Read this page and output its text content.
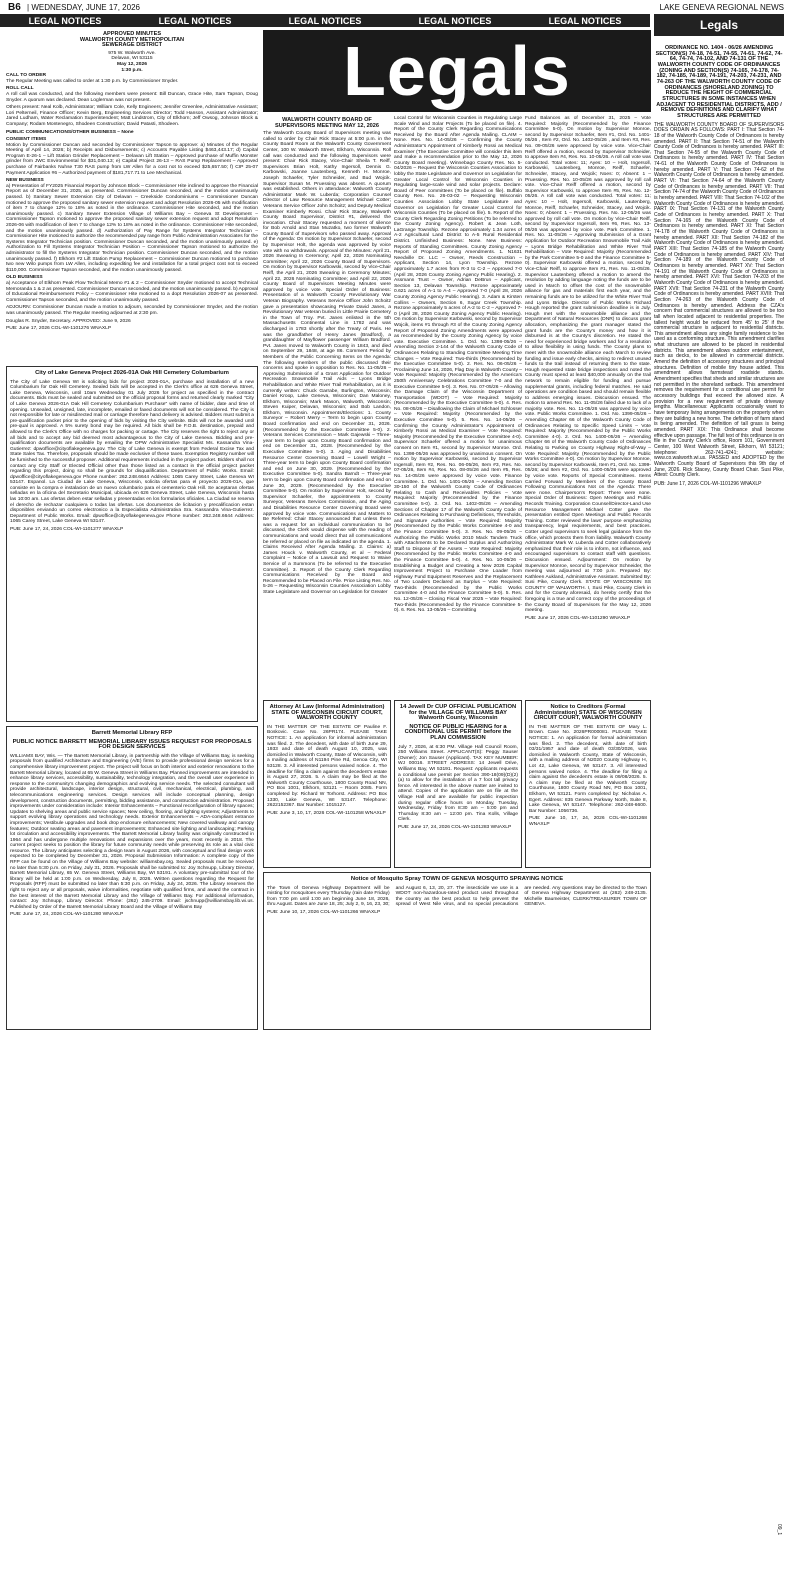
B6 | WEDNESDAY, JUNE 17, 2026	LAKE GENEVA REGIONAL NEWS
LEGAL NOTICES	LEGAL NOTICES	LEGAL NOTICES	LEGAL NOTICES	LEGAL NOTICES	Legals
APPROVED MINUTES
WALWORTH COUNTY METROPOLITAN
SEWERAGE DISTRICT
975 W. Walworth Ave.
Delavan, WI 53115
May 12, 2026
1:30 p.m.

CALL TO ORDER
The Regular Meeting was called to order at 1:30 p.m. by Commissioner Snyder.

ROLL CALL
A roll call was conducted, and the following members were present: Bill Duncan, Grace Hite, Sam Tapson, Doug Snyder. A quorum was declared. Dean Loglerman was not present.

Others present: Neal Kolb, Administrator; William Cole, Kelly Engineers; Jennifer Greenlee, Administrative Assistant; Lori Pelterneil, Finance Officer; Kevin Berg, Engineering Services Director; Todd Hanson, Assistant Administrator; Jared Ludham, Water Reclamation Superintendent; Matt Lindstrom, City of Elkhorn; Jeff Owsog, Johnson Block & Company; Rodam Montenegro, Shodeen Construction; David Patasti, Shodeen.

PUBLIC COMMUNICATIONS/OTHER BUSINESS – None

CONSENT ITEMS
Motion by Commissioner Duncan and seconded by Commissioner Tapson to approve: a) Minutes of the Regular Meeting of April 14, 2026; b) Receipts and Disbursements; c) Accounts Payable Listing $463,443.17; d) Capital Program E-26-1 – Lift Station Grinder Replacement – Delavan Lift Station – Approved purchase of Muffin Monster grinder from JWC Environmental for $31,040.13; e) Capital Project 26-13 – RAS Pump Replacement – Approved purchase of Fairbanks Nuhse T30 RAS pump from LW Allen for a cost not to exceed $25,657.50; f) CIP 25-07 Payment Application #6 – Authorized payment of $181,717.71 to Lee Mechanical.

NEW BUSINESS
a) Presentation of FY2025 Financial Report by Johnson Block – Commissioner Hite inclined to approve the Financial Report as of December 31, 2025, as presented. Commissioner Duncan seconded, and the motion unanimously passed. b) Sanitary Sewer Extension City of Delavan – Creekside Condominiums – Commissioner Duncan motioned to approve the proposed sanitary sewer extension request and adopt Resolution 2026-05 with modification of item 7 to change 12% to 18% as noted in the ordinance. Commissioner Hite seconded, and the motion unanimously passed. c) Sanitary Sewer Extension Village of Williams Bay – Geneva St Development – Commissioner Tapson motioned to approve the proposed sanitary sewer extension request and adopt Resolution 2026-06 with modification of item 7 to change 12% to 18% as noted in the ordinance. Commissioner Hite seconded, and the motion unanimously passed. d) Authorization of Pay Range for Systems Integrator Technician – Commissioner Hite motioned to authorize the recommended pay range from Public Administration Associates for the Systems Integrator Technician position. Commissioner Duncan seconded, and the motion unanimously passed. e) Authorization to Fill Systems Integrator Technician Position – Commissioner Tapson motioned to authorize the administrator to fill the Systems Integrator Technician position. Commissioner Duncan seconded, and the motion unanimously passed. f) Elkhorn #2 Lift Station Pump Replacement – Commissioner Duncan motioned to purchase two new Wilo pumps from LW Allen, including expediting fee and installation for a total project cost not to exceed $110,000. Commissioner Tapson seconded, and the motion unanimously passed.

OLD BUSINESS
a) Acceptance of Elkhorn Peak Flow Technical Memo #1 & 2 – Commissioner Snyder motioned to accept Technical Memoranda 1 & 2 as presented. Commissioner Duncan seconded, and the motion unanimously passed. b) Approval of Educational Reimbursement Policy – Commissioner Hite motioned to a dopt Resolution 2026-07 as presented. Commissioner Tapson seconded, and the motion unanimously passed.

ADJOURN: Commissioner Duncan made a motion to adjourn, seconded by Commissioner Snyder, and the motion was unanimously passed. The Regular meeting adjourned at 2:30 pm.

Douglas R. Snyder, Secretary. APPROVED: June 9, 2026

PUB: June 17, 2026 COL-WI-1101276 WNAXLP

City of Lake Geneva Project 2026-01A Oak Hill Cemetery Columbarium

The City of Lake Geneva WI is soliciting bids for project 2026-01A, purchase and installation of a new Columbarium for Oak Hill Cemetery. Sealed bids will be accepted in the Clerk's office at 626 Geneva Street, Lake Geneva, Wisconsin, until 10am Wednesday 01 July 2026 for project as specified in the contract documents. Bids must be sealed and submitted on the official proposal forms and returned clearly marked "City of Lake Geneva 2026-01A Oak Hill Cemetery Columbarium Purchase" with name of bidder, date and time of opening. Unsealed, unsigned, late, incomplete, emailed or faxed documents will not be considered. The City is not responsible for late or misdirected mail or carriage therefore hand delivery is advised. Bidders must submit a pre-qualification packet prior to the opening of bids by visiting the City website. Bids will not be awarded until pre-qual is approved. A 5% surety bond may be required. All bids shall be F.O.B. destination, prepaid and allowed to the Clerk's Office with no charges for packing or cartage. The City reserves the right to reject any or all bids and to accept any bid deemed most advantageous to the City of Lake Geneva. Bidding and pre-qualification documents are available by emailing the DPW Administrative Specialist Ms. Kassandra Vina-Gutierrez: dpwoffice@cityoflakegeneva.gov. The City of Lake Geneva is exempt from Federal Excise Tax and State Sales Tax. Therefore, proposals should be made exclusive of these taxes. Exemption Registry number will be furnished to the successful proposer. Additional requirements included in the project packet. Bidders shall not contact any City Staff or Elected Official other than those listed as a contact in the official project packet regarding this project, doing so shall be grounds for disqualification. Department of Public Works. Email: dpwoffice@cityoflakegeneva.gov Phone number: 262.248.6644 Address: 1065 Carey Street, Lake Geneva WI 53147. Espanol. La Ciudad de Lake Geneva, Wisconsin, solicita ofertas para el proyecto 2026-01A, que consiste en la compra e instalacion de un nuevo columbario para el cementerio Oak Hill. Se aceptaran ofertas selladas en la oficina del Secretario Municipal, ubicada en 626 Geneva Street, Lake Geneva, Wisconsin hasta las 10:00 am. Las ofertas deben estar selladas y presentadas en los formularios oficiales. La Ciudad se reserva el derecho de rechazar cualquiera o todas las ofertas. Los documentos de licitacion y precalificacion estan disponibles enviando un correo electronico a la Especialista Administrativa Sra. Kassandra Vina-Gutierrez. Department of Public Works. Email: dpwoffice@cityoflakegeneva.gov Phone number: 262.248.6644 Address: 1065 Carey Street, Lake Geneva WI 53147.

PUB: June 17, 24, 2026 COL-WI-1101277 WNAXLP

Barrett Memorial Library RFP
PUBLIC NOTICE BARRETT MEMORIAL LIBRARY ISSUES REQUEST FOR PROPOSALS FOR DESIGN SERVICES

WILLIAMS BAY, Wis. — The Barrett Memorial Library, in partnership with the Village of Williams Bay, is seeking proposals from qualified Architecture and Engineering (A/E) firms to provide professional design services for a comprehensive library improvement project. The project will focus on both interior and exterior renovations to the Barrett Memorial Library, located at 65 W. Geneva Street in Williams Bay. Planned improvements are intended to enhance library services, accessibility, sustainability, technology integration, and the overall user experience in response to the community's changing demographics and evolving service needs. The selected consultant will provide architectural, landscape, interior design, structural, civil, mechanical, electrical, plumbing, and telecommunications engineering services. Design services will include conceptual planning, design development, construction documents, permitting, bidding assistance, and construction administration. Proposed improvements under consideration include: Interior Enhancements – Functional reconfiguration of library spaces; Updates to shelving areas and public service spaces; New ceiling, flooring, and lighting systems; Adjustments to support evolving library operations and technology needs. Exterior Enhancements – ADA-compliant entrance improvements; Vestibule upgrades and book drop enclosure enhancements; New covered walkway and canopy features; Outdoor seating areas and pavement improvements; Enhanced site lighting and landscaping; Parking lot circulation and accessibility improvements. The Barrett Memorial Library facility was originally constructed in 1964 and has undergone multiple renovations and expansions over the years, most recently in 2018. The current project seeks to position the library for future community needs while preserving its role as a vital civic resource. The Library anticipates selecting a design team in August 2026, with conceptual and final design work expected to be completed by December 31, 2026. Proposal Submission Information: A complete copy of the RFP can be found on the Village of Williams Bay website: williamsbay.org. Sealed proposals must be received no later than 5:30 p.m. on Friday, July 31, 2026. Proposals shall be submitted to: Joy Schnupp, Library Director, Barrett Memorial Library, 65 W. Geneva Street, Williams Bay, WI 53191. A voluntary pre-submittal tour of the library will be held at 1:00 p.m. on Wednesday, July 8, 2026. Written questions regarding the Request for Proposals (RFP) must be submitted no later than 5:30 p.m. on Friday, July 24, 2026. The Library reserves the right to reject any or all proposals, waive informalities, negotiate with qualified firms, and award the contract in the best interest of the Barrett Memorial Library and the Village of Williams Bay. For additional information, contact: Joy Schnupp, Library Director. Phone: (262) 245-2709. Email: jschnupp@williamsbay.lib.wi.us. Published by Order of the Barrett Memorial Library Board and the Village of Williams Bay

PUB: June 17, 24, 2026 COL-WI-1101280 WNAXLP

Legals
WALWORTH COUNTY BOARD OF SUPERVISORS MEETING MAY 12, 2026

The Walworth County Board of Supervisors meeting was called to order by Chair Rick Stacey at 5:00 p.m. in the County Board Room at the Walworth County Government Center, 100 W. Walworth Street, Elkhorn, Wisconsin. Roll call was conducted and the following Supervisors were present: Chair Rick Stacey, Vice-Chair Sheila T. Reiff, Supervisors Brian Holt, Kathy Ingersoll, Dennis G. Karbowski, Joanne Lautenberg, Kenneth H. Monroe, Joseph Schaefer, Tyler Schneider, and Bud Wojcik. Supervisor Susan M. Pruessing was absent. A quorum was established. Others in attendance: Walworth County Administrator Mark W. Luberda; Corporation Counsel Director of Law Resource Management Michael Cotter; Veterans Service Officer John Schoitz; and Deputy Medical Examiner Kimberly Rossi. Chair Rick Stacey, Walworth County Board Supervisor, District #1, delivered the invocation. Chair Stacey requested a moment of silence for Bob Arnold and Stan Muzatko, two former Walworth County Board of Supervisors who passed away. Approval of the Agenda: On motion by Supervisor Schaefer, second by Supervisor Holt, the agenda was approved by voice vote with no withdrawals. Approval of the Minutes: April 21, 2026 Swearing In Ceremony; April 22, 2026 Nominating Committee; April 22, 2026 County Board of Supervisors. On motion by Supervisor Karbowski, second by Vice-Chair Reiff, the April 21, 2026 Swearing in Ceremony Minutes; April 22, 2026 Nominating Committee; and April 22, 2026 County Board of Supervisors Meeting Minutes were approved by voice vote. Special Order of Business: Presentation of a Walworth County Revolutionary War Veteran Biography. Veterans Service Officer John Schoitz gave a presentation showcasing Private David Janes, a Revolutionary War veteran buried in Little Prairie Cemetery in the Town of Troy. Pvt. Janes enlisted in the 5th Massachusetts Continental Line in 1782 and was discharged in 1783 shortly after the Treaty of Paris. He was the grandfather of Henry Janes (Bradford), a granddaughter of Mayflower passenger William Bradford. Pvt. Janes moved to Walworth County in 1843, and died on September 29, 1848, at age 86. Comment Period by Members of the Public Concerning Items on the Agenda: The following members of the public discussed their concerns and spoke in opposition to Res. No. 11-05/26 – Approving Submission of a Grant Application for Outdoor Recreation Snowmobile Trail Aids – Lyons Bridge Rehabilitation and White River Trail Rehabilitation, as it is currently written: Chuck Garrabe, Burlington, Wisconsin; Daniel Kroop, Lake Geneva, Wisconsin; Dan Maloney, Elkhorn, Wisconsin; Mark Mason, Walworth, Wisconsin; Steven Kuiper, Delavan, Wisconsin; and Bob Landon, Elkhorn, Wisconsin. Appointments/Elections: 1. County Surveyor – Robert Merry – Term to begin upon County Board confirmation and end on December 31, 2026. (Recommended by the Executive Committee 5-0). 2. Veterans Services Commission – Mark Gajewski – Three-year term to begin upon County Board confirmation and end on December 31, 2028. (Recommended by the Executive Committee 5-0). 3. Aging and Disabilities Resource Center Governing Board – Lowell Wright – Three-year term to begin upon County Board confirmation and end on June 30, 2029. (Recommended by the Executive Committee 5-0). Sandra Barndt – Three-year term to begin upon County Board confirmation and end on June 30, 2029. (Recommended by the Executive Committee 5-0). On motion by Supervisor Holt, second by Supervisor Schaefer, the appointments to County Surveyor, Veterans Services Commission, and the Aging and Disabilities Resource Center Governing Board were approved by voice vote. Communications and Matters to Be Referred: Chair Stacey announced that unless there was a request for an individual communication to be discussed, the Clerk would dispense with the reading of communications and would direct that all communications be referred or placed on file as indicated on the agenda. 1. Claims Received After Agenda Mailing. 2. Claims: a) James Houck v. Walworth County, et al – Federal Complaint – Notice of a Lawsuit and Request to Waive Service of a Summons (To be referred to the Executive Committee). 3. Report of the County Clerk Regarding Communications Received by the Board and Recommended to be Placed on File. Price Listing Res. No. 5-26 – Requesting Wisconsin Counties Association Lobby State Legislature and Governor on Legislation for Greater

Local Control for Wisconsin Counties in Regulating Large Scale Wind and Solar Projects (To be placed on file). 4. Report of the County Clerk Regarding Communications Received by the Board After Agenda Mailing. CLAIM – None. Res. No. 14-05/26 – Confirming the County Administrator's Appointment of Kimberly Rossi as Medical Examiner (The Executive Committee will consider this item and make a recommendation prior to the May 12, 2026 County Board meeting). Winnebago County Res. No. 5-04/2026 – Request the Wisconsin Counties Association to lobby the State Legislature and Governor on Legislation for Greater Local Control for Wisconsin Counties in Regulating large-scale wind and solar projects. Declare: Board of Peer committees (To be placed on file). Buffalo County Res. No. 26-03-02 – Requesting Wisconsin Counties Association Lobby State Legislature and Governor on Legislation for Greater Local Control for Wisconsin Counties (To be placed on file). 5. Report of the County Clerk Regarding Zoning Petitions (To be referred to the County Zoning Agency). Robert & Jean Loth, LaGrange Township. Rezone approximately 1.34 acres of A-2 Agricultural Land District to A-5 Rural Residential District. Unfinished Business: None. New Business: Reports of Standing Committees. County Zoning Agency Report of Proposed Zoning Amendments. 1. N1631 Needville Dr. LLC – Owner, Reeds Construction – Applicant, Section 14, Lyon Township. Rezone approximately 1.7 acres from R-3 to C-2 – Approved 7-0 (April 28, 2026 County Zoning Agency Public Hearing). 2. Assmann Trust – Owner, Adrian DeBrun – Applicant, Section 13, Delavan Township. Rezone approximately 0.621 acres of A-1 to A-4 – Approved 7-0 (April 28, 2026 County Zoning Agency Public Hearing). 3. Adam & Kirsten Collins – Owners, Section 6, Sugar Creek Township. Rezone approximately 5 acres of A-2 to C-2 – Approved 7-0 (April 28, 2026 County Zoning Agency Public Hearing). On motion by Supervisor Karbowski, second by Supervisor Wojcik, items #1 through #3 of the County Zoning Agency Report of Proposed Zoning Amendments were approved as recommended by the County Zoning Agency by voice vote. Executive Committee. 1. Ord. No. 1398-05/26 – Amending Section 2-144 of the Walworth County Code of Ordinances Relating to Standing Committee Meeting Time Changes – Vote Required: Two-thirds (Recommended by the Executive Committee 5-0). 2. Res. No. 06-05/26 – Proclaiming June 14, 2026, Flag Day in Walworth County – Vote Required: Majority (Recommended by the America's 250th Anniversary Celebrations Committee 7-0 and the Executive Committee 5-0). 3. Res. No. 07-05/26 – Allowing the Damage Claim of the Wisconsin Department of Transportation (WDOT) – Vote Required: Majority (Recommended by the Executive Committee 5-0). 4. Res. No. 08-05/26 – Disallowing the Claim of Michael Schlosser – Vote Required: Majority (Recommended by the Executive Committee 5-0). 5. Res. No. 14-05/26 – Confirming the County Administrator's Appointment of Kimberly Rossi as Medical Examiner – Vote Required: Majority (Recommended by the Executive Committee 4-0). Supervisor Schaefer offered a motion for unanimous consent on Item #1, second by Supervisor Monroe. Ord. No. 1398-05/26 was approved by unanimous consent. On motion by Supervisor Karbowski, second by Supervisor Ingersoll, Item #2, Res. No. 06-05/26, Item #3, Res. No. 07-05/26, Item #4, Res. No. 08-05/26 and Item #5, Res. No. 14-05/26 were approved by voice vote. Finance Committee. 1. Ord. No. 1401-05/26 – Amending Section 30-150 of the Walworth County Code of Ordinances Relating to Cash and Receivables Policies – Vote Required: Majority (Recommended by the Finance Committee 5-0). 2. Ord. No. 1402-05/26 – Amending Sections of Chapter 17 of the Walworth County Code of Ordinances Relating to Purchasing Definitions, Thresholds, and Signature Authorities – Vote Required: Majority (Recommended by the Public Works Committee 4-0 and the Finance Committee 5-0). 3. Res. No. 09-05/26 – Authorizing the Public Works 2010 Mack Tandem Truck with Attachments to be Declared Surplus and Authorizing Staff to Dispose of the Assets – Vote Required: Majority (Recommended by the Public Works Committee 4-0 and the Finance Committee 5-0). 4. Res. No. 10-05/26 – Establishing a Budget and Creating a New 2026 Capital Improvement Project to Purchase One Loader from Highway Fund Equipment Reserves and the Replacement of Two Loaders Declared as Surplus – Vote Required: Two-thirds (Recommended by the Public Works Committee 4-0 and the Finance Committee 5-0). 5. Res. No. 12-05/26 – Closing Fiscal Year 2025 – Vote Required: Two-thirds (Recommended by the Finance Committee 5-0). 6. Res. No. 13-05/26 – Committing

Fund Balances as of December 31, 2025 – Vote Required: Majority (Recommended by the Finance Committee 5-0). On motion by Supervisor Monroe, second by Supervisor Schaefer, Item #1, Ord. No. 1401-05/26 , Item #2, Ord. No. 1402-05/26 , and Item #3, Res. No. 09-05/26 were approved by voice vote. Vice-Chair Reiff offered a motion, second by Supervisor Schneider, to approve Item #4, Res. No. 10-05/26. A roll call vote was conducted. Total votes: 11; Ayes: 10 – Holt, Ingersoll, Karbowski, Lautenberg, Monroe, Reiff, Schaefer, Schneider, Stacey, and Wojcik; Noes: 0; Absent: 1 – Pruessing. Res. No. 10-05/26 was approved by roll call vote. Vice-Chair Reiff offered a motion, second by Supervisor Karbowski, to approve Item #5, Res. No. 12-05/26. A roll call vote was conducted. Total votes: 11; Ayes: 10 – Holt, Ingersoll, Karbowski, Lautenberg, Monroe, Reiff, Schaefer, Schneider, Stacey, and Wojcik. Noes: 0; Absent: 1 – Pruessing. Res. No. 12-05/26 was approved by roll call vote. On motion by Vice-Chair Reiff, second by Supervisor Ingersoll, Item #6, Res. No. 13-05/26 was approved by voice vote. Park Committee. 1. Res. No. 11-05/26 – Approving Submission of a Grant Application for Outdoor Recreation Snowmobile Trail Aids – Lyons Bridge Rehabilitation and White River Trail Rehabilitation – Vote Required: Majority (Recommended by the Park Committee 5-0 and the Finance Committee 5-0). Supervisor Karbowski offered a motion, second by Vice-Chair Reiff, to approve Item #1, Res. No. 11-05/26. Supervisor Lautenberg offered a motion to amend the resolution by adding language noting the funds are to be used in March to offset the cost of the snowmobile alliance for gas and materials first each year, and the remaining funds are to be utilized for the White River Trail and Lyons Bridge. Director of Public Works Richard Hough reported the grant submission deadline is in July. Hough met with the snowmobile alliance and the Department of Natural Resources (DNR) to discuss grant allocation, emphasizing the grant manager stated the grant funds are the County's money and how it is disbursed is at the County's discretion. He stated the need for experienced bridge workers and for a resolution to allow flexibility in using funds. The County plans to meet with the snowmobile alliance each March to review funding and issue early checks, aiming to redirect unused funds to the trail instead of returning them to the state. Hough requested state bridge inspections and noted the County must spend at least $40,000 annually on the trail network to remain eligible for funding and pursue supplemental grants, including federal matches. He said operations are condition based and should remain flexible to address emerging issues. Discussion ensued. The motion to amend Res. No. 11-05/26 failed due to lack of a majority vote. Res. No. 11-05/26 was approved by voice vote. Public Works Committee. 1. Ord. No. 1399-05/26 – Amending Chapter 66 of the Walworth County Code of Ordinances Relating to Specific Speed Limits – Vote Required: Majority (Recommended by the Public Works Committee 4-0). 2. Ord. No. 1400-05/26 – Amending Chapter 66 of the Walworth County Code of Ordinances Relating to Parking on County Highway Right-of-Way – Vote Required: Majority (Recommended by the Public Works Committee 4-0). On motion by Supervisor Monroe, second by Supervisor Karbowski, Item #1, Ord. No. 1399-05/26; and Item #2, Ord. No. 1400-05/26 were approved by voice vote. Reports of Special Committees. Items Carried Forward by Members of the County Board Following Communications Not on the Agenda: There were none. Chairperson's Report: There were none. Special Order of Business: Open Meetings and Public Records Training. Corporation Counsel/Director-Land Use Resource Management Michael Cotter gave the presentation entitled Open Meetings and Public Records Training. Cotter reviewed the laws' purpose emphasizing transparency, legal requirements, and best practices. Cotter urged supervisors to seek legal guidance from the office, which protects them from liability. Walworth County Administrator Mark W. Luberda and Cotter collaboratively emphasized that their role is to inform, not influence, and encouraged supervisors to contact staff with questions. Discussion ensued. Adjournment: On motion by Supervisor Monroe, second by Supervisor Schneider, the meeting was adjourned at 7:00 p.m. Prepared By: Kathleen Aukland, Administrative Assistant. Submitted By: Susi Pike, County Clerk. STATE OF WISCONSIN SS COUNTY OF WALWORTH. I, Susi Pike, County Clerk in and for the County aforesaid, do hereby certify that the foregoing is a true and correct copy of the proceedings of the County Board of Supervisors for the May 12, 2026 meeting.

PUB: June 17, 2026 COL-WI-1101290 WNAXLP

Attorney At Law (Informal Administration) STATE OF WISCONSIN CIRCUIT COURT, WALWORTH COUNTY

IN THE MATTER OF THE ESTATE OF Pauline F. Boskovic. Case No. 26PR174. PLEASE TAKE NOTICE: 1. An application for informal administration was filed. 2. The decedent, with date of birth June 29, 1933 and date of death August 10, 2025, was domiciled in Walworth County, State of Wisconsin, with a mailing address of N1194 Pine Rd, Genoa City, WI 53128. 3. All interested persons waived notice. 4. The deadline for filing a claim against the decedent's estate is August 27, 2026. 5. A claim may be filed at the Walworth County Courthouse, 1800 County Road NN, PO Box 1001, Elkhorn, 53121 – Room 2085. Form completed by: Richard W Torhorst. Address: PO Box 1330, Lake Geneva, WI 53147. Telephone: 2622152367. Bar Number: 1015127.

PUB: June 3, 10, 17, 2026 COL-WI-1101258 WNAXLP

14 Jewell Dr CUP OFFICIAL PUBLICATION for the VILLAGE OF WILLIAMS BAY Walworth County, Wisconsin
NOTICE OF PUBLIC HEARING for a CONDITIONAL USE PERMIT before the PLAN COMMISSION

July 7, 2026, at 6:30 PM. Village Hall Council Room, 250 Williams Street. APPLICANT(S): Peggy Sauser (Owner); Jon Sauser (Applicant). TAX KEY NUMBER: WJ 00016. STREET ADDRESS: 14 Jewell Drive, Williams Bay, WI 53191. Request: Applicants requests a conditional use permit per Section 390-18(09)(D)(2)(a) to allow for the installation of a 7 foot tall privacy fence. All interested in the above matter are invited to attend. Copies of the application are on file at the Village Hall and are available for public inspection during regular office hours on Monday, Tuesday, Wednesday, Friday from 8:30 am – 5:00 pm and Thursday 8:30 am – 12:00 pm. Tina Kolls, Village Clerk.

PUB: June 17, 24, 2026 COL-WI-1101283 WNAXLP

Notice to Creditors (Formal Administration) STATE OF WISCONSIN CIRCUIT COURT, WALWORTH COUNTY

IN THE MATTER OF THE ESTATE OF Mary L. Brown. Case No. 2026PR000081. PLEASE TAKE NOTICE: 1. An application for formal administration was filed. 2. The decedent, with date of birth 03/31/1957 and date of death 03/30/2026, was domiciled in Walworth County, State of Wisconsin, with a mailing address of N2020 County Highway H, Lot 42, Lake Geneva, WI 53147. 3. All interested persons waived notice. 4. The deadline for filing a claim against the decedent's estate is 09/08/2026. 5. A claim may be filed at the Walworth County Courthouse, 1800 County Road NN, PO Box 1001, Elkhorn, WI 53121. Form completed by: Nicholas A. Egert. Address: 835 Geneva Parkway North, Suite 8, Lake Geneva, WI 53147. Telephone: 262-248-6600. Bar Number: 1056736.

PUB: June 10, 17, 24, 2026 COL-WI-1101268 WNAXLP

Notice of Mosquito Spray TOWN OF GENEVA MOSQUITO SPRAYING NOTICE

The Town of Geneva Highway Department will be misting for mosquitoes every Thursday (rain date Friday) from 7:00 pm until 1:00 am beginning June 18, 2026, thru August. Dates are June 18, 25; July 2, 9, 16, 23, 30; and August 6, 13, 20, 27. The insecticide we use is a WDOT non-hazardous-rated product used throughout the country as the best product to help prevent the spread of West Nile virus, and no special precautions are needed. Any questions may be directed to the Town of Geneva Highway Department at (262) 248-2135. Michelle Baumeister, CLERK/TREASURER TOWN OF GENEVA.

PUB: June 10, 17, 2026 COL-WI-1101266 WNAXLP

ORDINANCE NO. 1404 - 06/26 AMENDING SECTION(S) 74-18, 74-51, 74-55, 74-61, 74-62, 74-64, 74-74, 74-102, AND 74-131 OF THE WALWORTH COUNTY CODE OF ORDINANCES (ZONING AND SECTION(S) 74-165, 74-178, 74-182, 74-185, 74-189, 74-191, 74-203, 74-231, AND 74-263 OF THE WALWORTH COUNTY CODE OF ORDINANCES (SHORELAND ZONING) TO REDUCE THE HEIGHT OF COMMERCIAL STRUCTURES IN SOME INSTANCES WHEN ADJACENT TO RESIDENTIAL DISTRICTS, ADD / REMOVE DEFINITIONS AND CLARIFY WHAT STRUCTURES ARE PERMITTED

THE WALWORTH COUNTY BOARD OF SUPERVISORS DOES ORDAIN AS FOLLOWS: PART I: That Section 74-18 of the Walworth County Code of Ordinances is hereby amended. PART II: That Section 74-51 of the Walworth County Code of Ordinances is hereby amended. PART III: That Section 74-55 of the Walworth County Code of Ordinances is hereby amended. PART IV: That Section 74-61 of the Walworth County Code of Ordinances is hereby amended. PART V: That Section 74-62 of the Walworth County Code of Ordinances is hereby amended. PART VI: That Section 74-64 of the Walworth County Code of Ordinances is hereby amended. PART VII: That Section 74-74 of the Walworth County Code of Ordinances is hereby amended. PART VIII: That Section 74-102 of the Walworth County Code of Ordinances is hereby amended. PART IX: That Section 74-131 of the Walworth County Code of Ordinances is hereby amended. PART X: That Section 74-165 of the Walworth County Code of Ordinances is hereby amended. PART XI: That Section 74-178 of the Walworth County Code of Ordinances is hereby amended. PART XII: That Section 74-182 of the Walworth County Code of Ordinances is hereby amended. PART XIII: That Section 74-185 of the Walworth County Code of Ordinances is hereby amended. PART XIV: That Section 74-189 of the Walworth County Code of Ordinances is hereby amended. PART XV: That Section 74-191 of the Walworth County Code of Ordinances is hereby amended. PART XVI: That Section 74-203 of the Walworth County Code of Ordinances is hereby amended. PART XVII: That Section 74-231 of the Walworth County Code of Ordinances is hereby amended. PART XVIII: That Section 74-263 of the Walworth County Code of Ordinances is hereby amended. Address the CZA's concern that commercial structures are allowed to be too tall when located adjacent to residential properties. The tallest height would be reduced from 45' to 25' if the commercial structure is adjacent to residential districts. This amendment allows any single family residence to be used as a conforming structure. This amendment clarifies what structures are allowed to be placed in residential districts. This amendment allows outdoor entertainment, such as decks, to be allowed in commercial districts. Amend the definition of accessory structures and principal structures. Definition of mobile tiny house added. This amendment allows farmstead roadside stands. Amendment specifies that sheds and similar structures are not permitted in the shoreland setback. This amendment removes the requirement for a conditional use permit for accessory buildings that exceed the allowed size. A provision for a new requirement of private driveway lengths. Miscellaneous: Applicants occasionally want to have temporary living arrangements on the property when they are building a new home. The definition of farm stand is being amended. The definition of tall grass is being amended. PART XIX: This Ordinance shall become effective upon passage. The full text of this ordinance is on file in the County Clerk's office, Room 101, Government Center, 100 West Walworth Street, Elkhorn, WI 53121; telephone: 262-741-4241; website: www.co.walworth.wi.us. PASSED and ADOPTED by the Walworth County Board of Supervisors this 9th day of June, 2026. Rick Stacey, County Board Chair. Susi Pike, Attest: County Clerk.

PUB: June 17, 2026 COL-WI-1101296 WNAXLP

09_1
